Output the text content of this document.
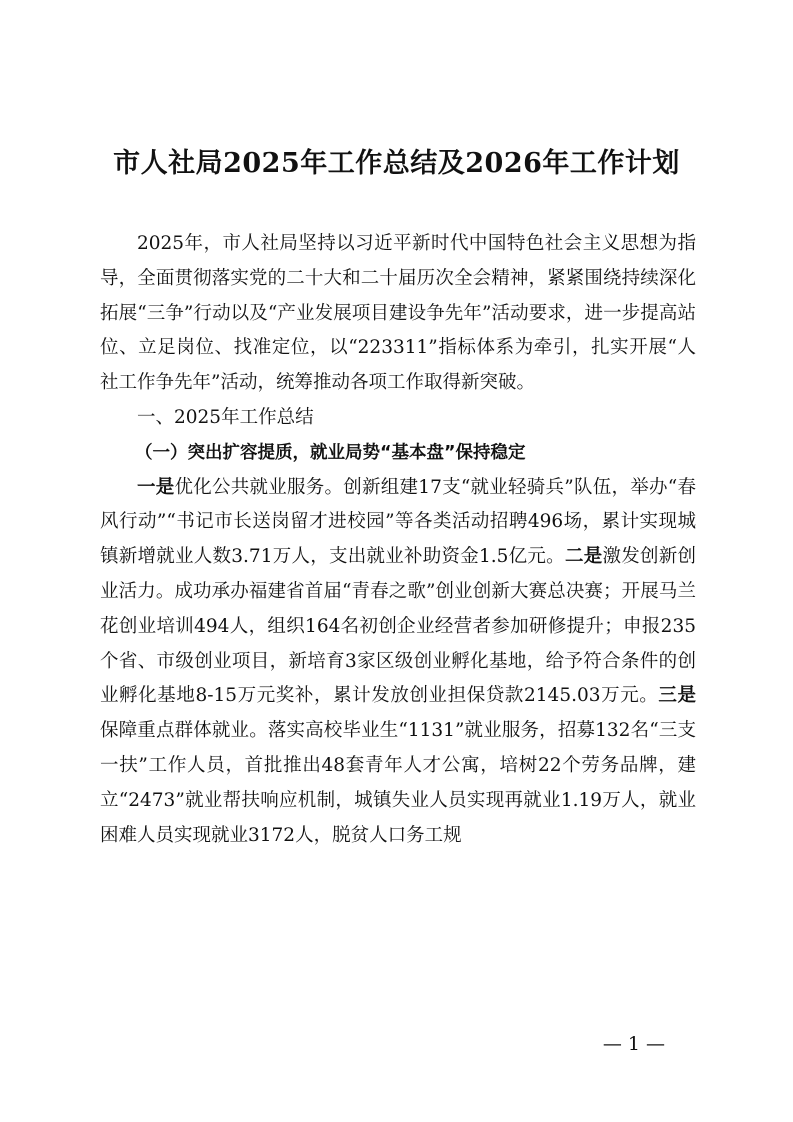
市人社局2025年工作总结及2026年工作计划

2025年，市人社局坚持以习近平新时代中国特色社会主义思想为指导，全面贯彻落实党的二十大和二十届历次全会精神，紧紧围绕持续深化拓展“三争”行动以及“产业发展项目建设争先年”活动要求，进一步提高站位、立足岗位、找准定位，以“223311”指标体系为牵引，扎实开展“人社工作争先年”活动，统筹推动各项工作取得新突破。

一、2025年工作总结

（一）突出扩容提质，就业局势“基本盘”保持稳定

一是优化公共就业服务。创新组建17支“就业轻骑兵”队伍，举办“春风行动”“书记市长送岗留才进校园”等各类活动招聘496场，累计实现城镇新增就业人数3.71万人，支出就业补助资金1.5亿元。二是激发创新创业活力。成功承办福建省首届“青春之歌”创业创新大赛总决赛；开展马兰花创业培训494人，组织164名初创企业经营者参加研修提升；申报235个省、市级创业项目，新培育3家区级创业孵化基地，给予符合条件的创业孵化基地8-15万元奖补，累计发放创业担保贷款2145.03万元。三是保障重点群体就业。落实高校毕业生“1131”就业服务，招募132名“三支一扶”工作人员，首批推出48套青年人才公寓，培树22个劳务品牌，建立“2473”就业帮扶响应机制，城镇失业人员实现再就业1.19万人，就业困难人员实现就业3172人，脱贫人口务工规

— 1 —
